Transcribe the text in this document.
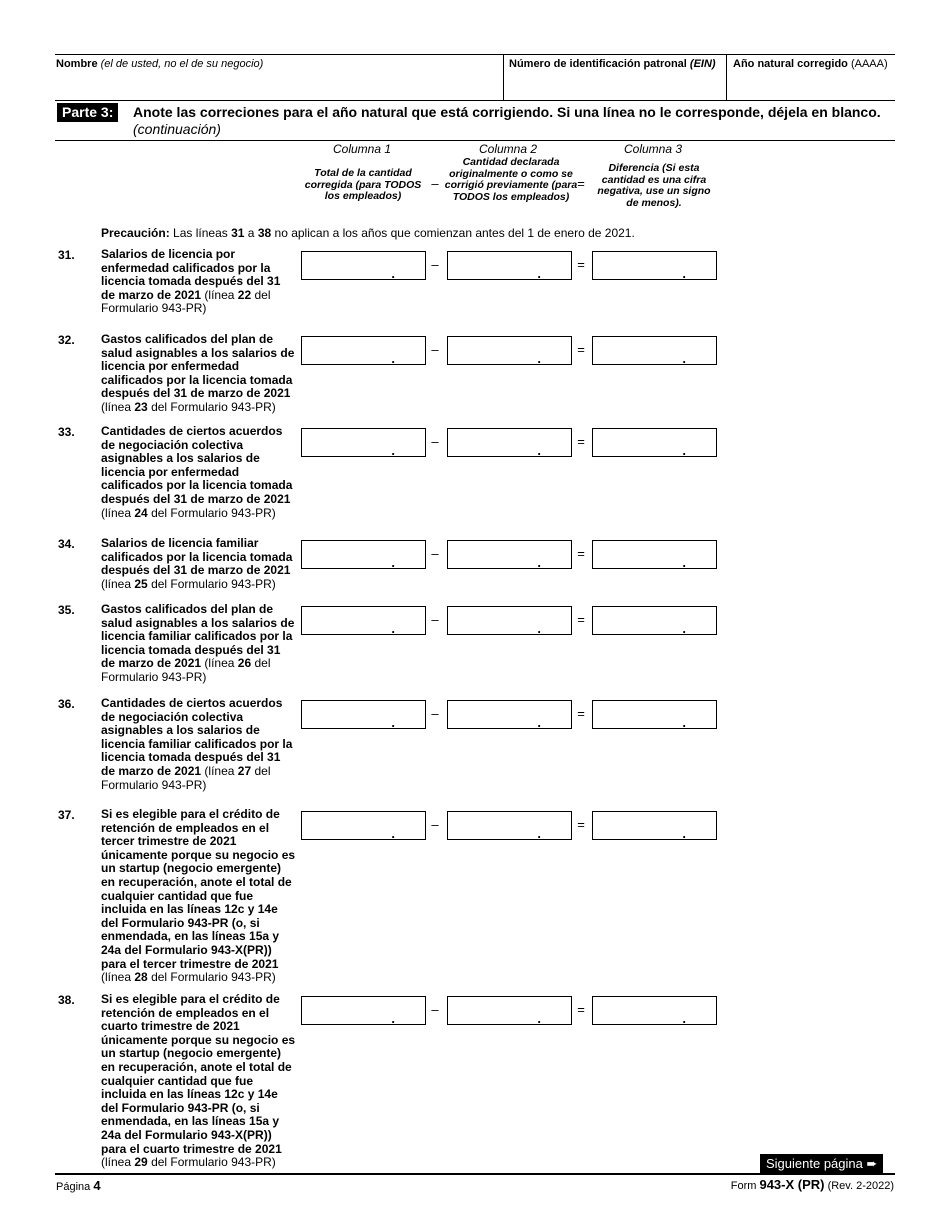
Nombre (el de usted, no el de su negocio)	Número de identificación patronal (EIN) Año natural corregido (AAAA)
Parte 3:	Anote las correciones para el año natural que está corrigiendo. Si una línea no le corresponde, déjela en blanco.
(continuación)
Columna 1
Total de la cantidad corregida (para TODOS los empleados)
–
Columna 2
Cantidad declarada originalmente o como se corrigió previamente (para TODOS los empleados)
=
Columna 3
Diferencia (Si esta cantidad es una cifra negativa, use un signo de menos).
Precaución: Las líneas 31 a 38 no aplican a los años que comienzan antes del 1 de enero de 2021.
31. Salarios de licencia por enfermedad calificados por la licencia tomada después del 31 de marzo de 2021 (línea 22 del Formulario 943-PR)
.	.	.
–	=
32. Gastos calificados del plan de salud asignables a los salarios de licencia por enfermedad calificados por la licencia tomada después del 31 de marzo de 2021 (línea 23 del Formulario 943-PR)
.	.	.
–	=
33. Cantidades de ciertos acuerdos de negociación colectiva asignables a los salarios de licencia por enfermedad calificados por la licencia tomada después del 31 de marzo de 2021 (línea 24 del Formulario 943-PR)
.	.	.
–	=
34. Salarios de licencia familiar calificados por la licencia tomada después del 31 de marzo de 2021 (línea 25 del Formulario 943-PR)
.	.	.
–	=
35. Gastos calificados del plan de salud asignables a los salarios de licencia familiar calificados por la licencia tomada después del 31 de marzo de 2021 (línea 26 del Formulario 943-PR)
.	.	.
–	=
36. Cantidades de ciertos acuerdos de negociación colectiva asignables a los salarios de licencia familiar calificados por la licencia tomada después del 31 de marzo de 2021 (línea 27 del Formulario 943-PR)
.	.	.
–	=
37. Si es elegible para el crédito de retención de empleados en el tercer trimestre de 2021 únicamente porque su negocio es un startup (negocio emergente) en recuperación, anote el total de cualquier cantidad que fue incluida en las líneas 12c y 14e del Formulario 943-PR (o, si enmendada, en las líneas 15a y 24a del Formulario 943-X(PR)) para el tercer trimestre de 2021 (línea 28 del Formulario 943-PR)
.	.	.
–	=
38. Si es elegible para el crédito de retención de empleados en el cuarto trimestre de 2021 únicamente porque su negocio es un startup (negocio emergente) en recuperación, anote el total de cualquier cantidad que fue incluida en las líneas 12c y 14e del Formulario 943-PR (o, si enmendada, en las líneas 15a y 24a del Formulario 943-X(PR)) para el cuarto trimestre de 2021 (línea 29 del Formulario 943-PR)
.	.	.
–	=
Siguiente página ➨
Página 4	Form 943-X (PR) (Rev. 2-2022)
